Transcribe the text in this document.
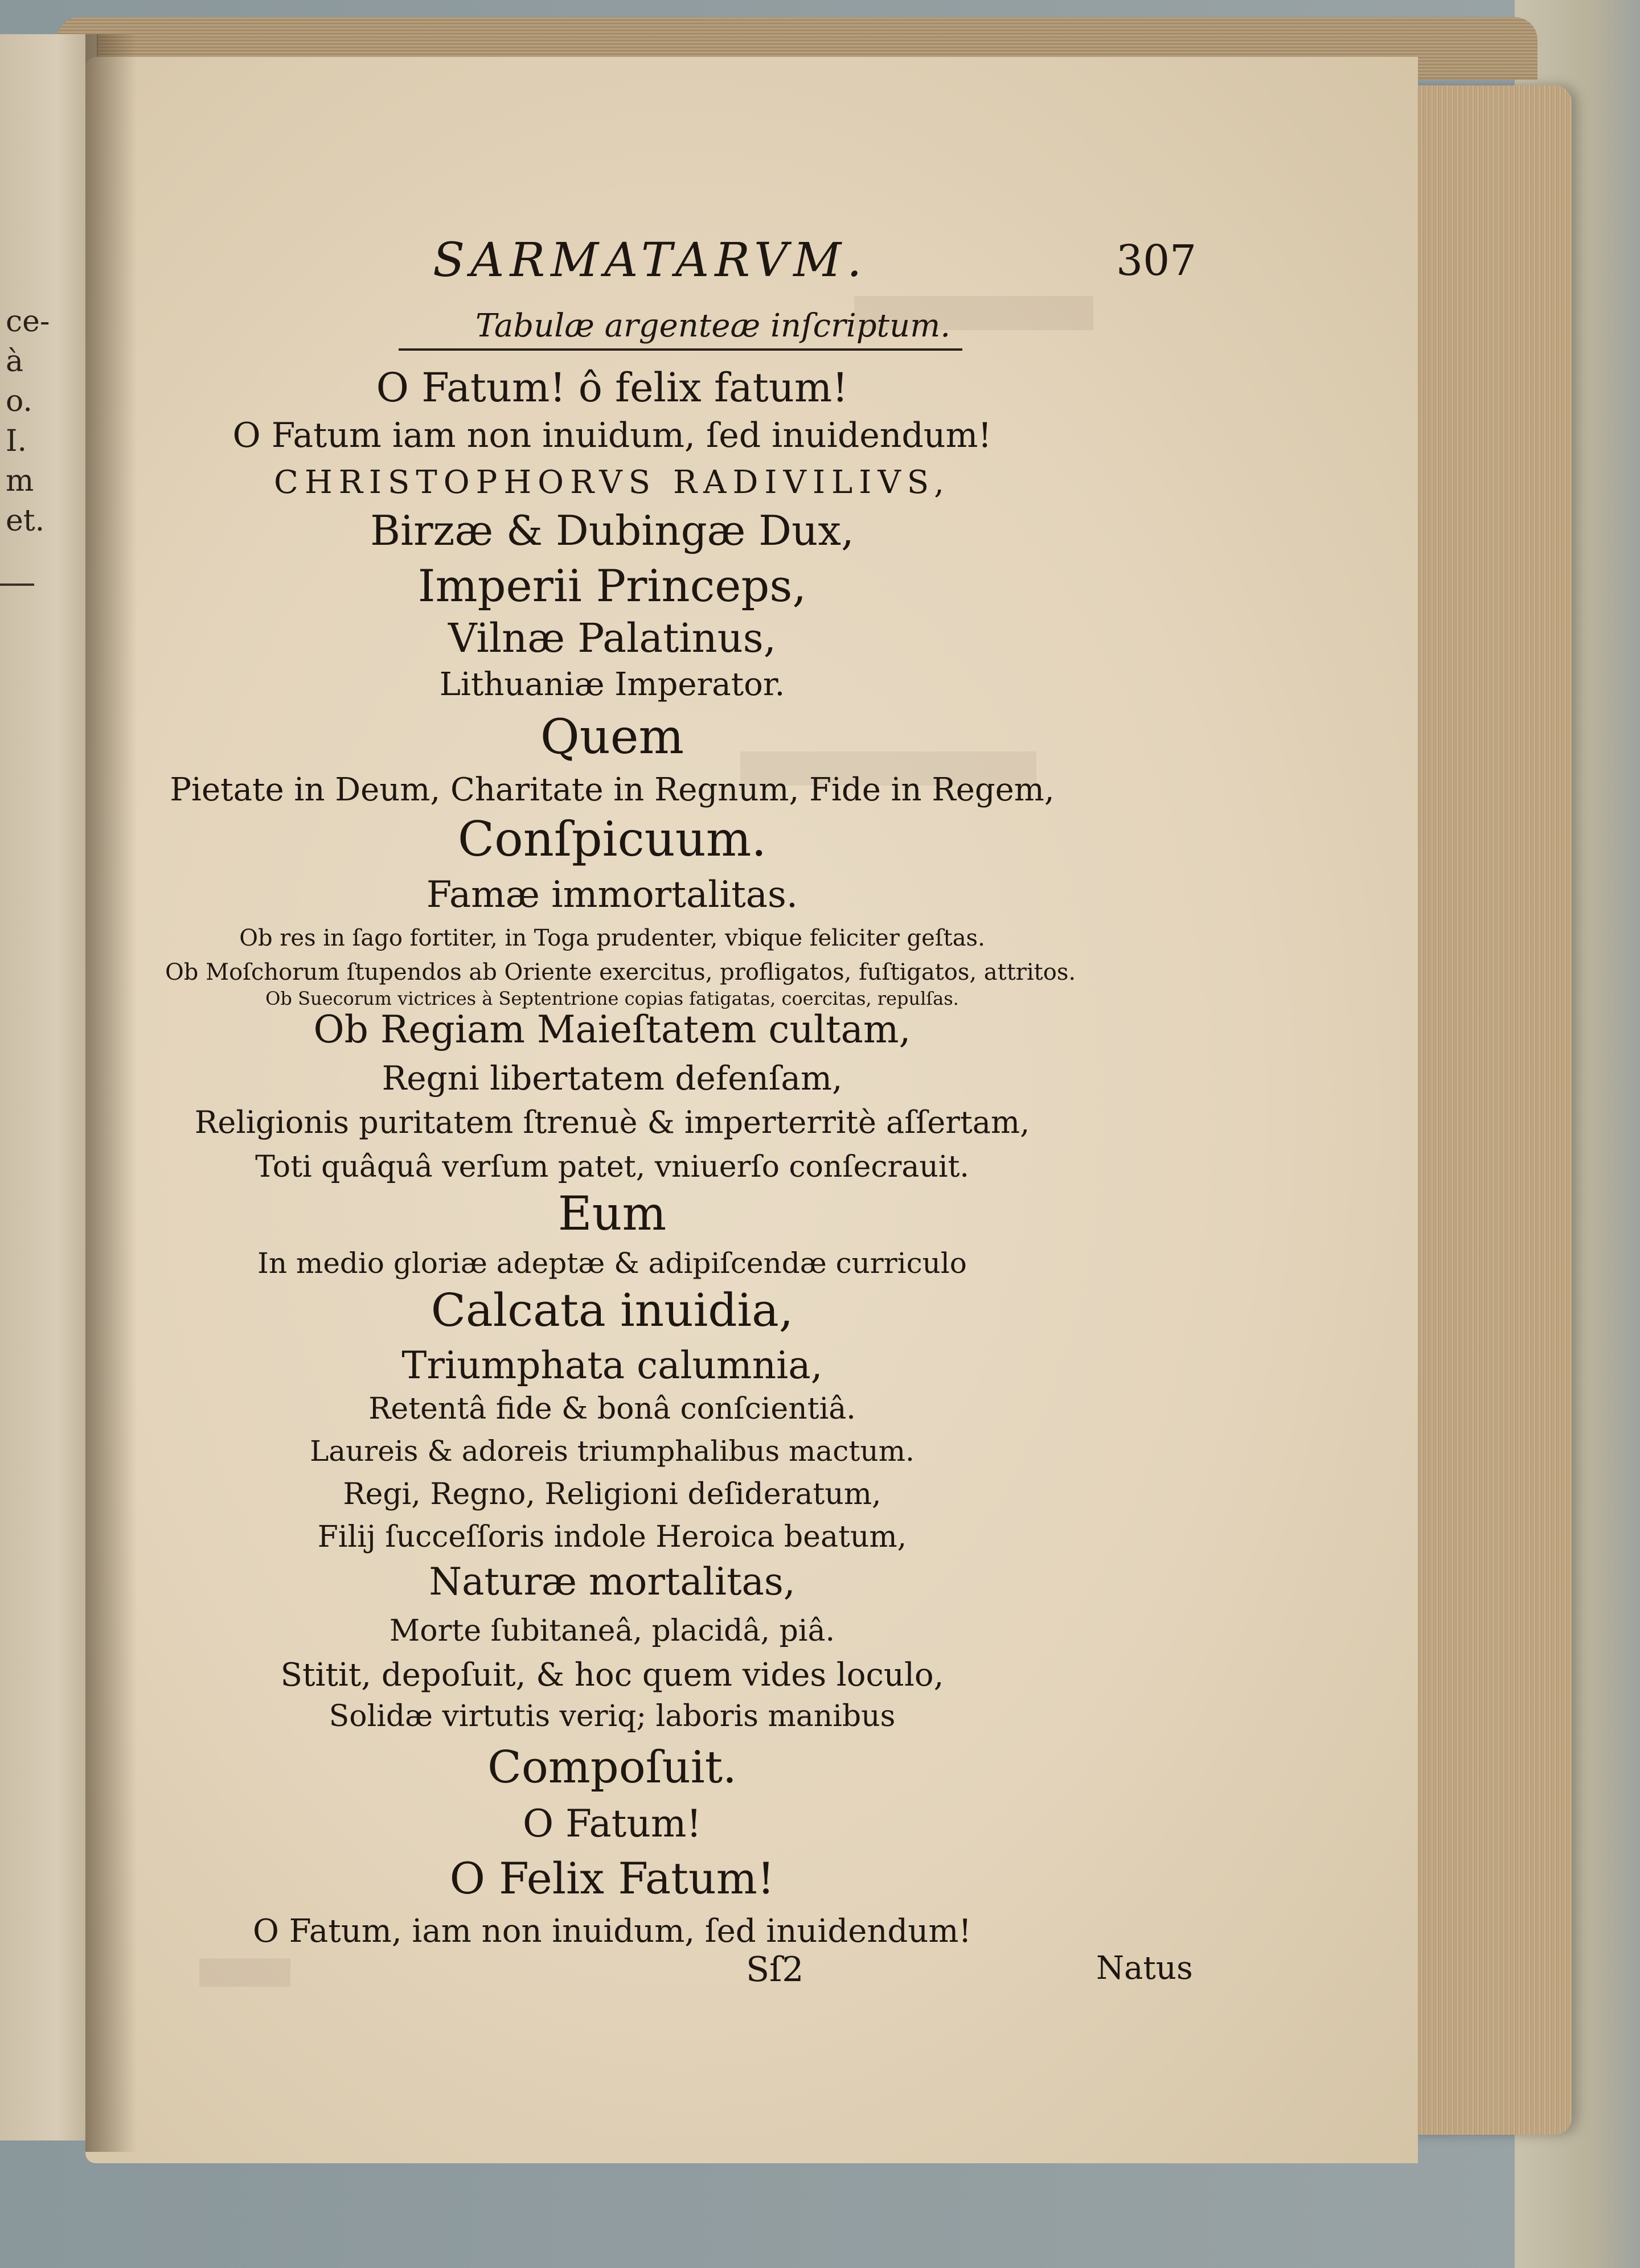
ce-
à
o.
I.
m
et.
SARMATARVM.
Tabulæ argenteæ inſcriptum.
307
O Fatum! ô felix fatum!
O Fatum iam non inuidum, ſed inuidendum!
CHRISTOPHORVS RADIVILIVS,
Birzæ & Dubingæ Dux,
Imperii Princeps,
Vilnæ Palatinus,
Lithuaniæ Imperator.
Quem
Pietate in Deum, Charitate in Regnum, Fide in Regem,
Conſpicuum.
Famæ immortalitas.
Ob res in ſago fortiter, in Toga prudenter, vbique feliciter geſtas.
Ob Moſchorum ſtupendos ab Oriente exercitus, profligatos, fuſtigatos, attritos.
Ob Suecorum victrices à Septentrione copias fatigatas, coercitas, repulſas.
Ob Regiam Maieſtatem cultam,
Regni libertatem defenſam,
Religionis puritatem ſtrenuè & imperterritè aſſertam,
Toti quâquâ verſum patet, vniuerſo conſecrauit.
Eum
In medio gloriæ adeptæ & adipiſcendæ curriculo
Calcata inuidia,
Triumphata calumnia,
Retentâ fide & bonâ conſcientiâ.
Laureis & adoreis triumphalibus mactum.
Regi, Regno, Religioni deſideratum,
Filij ſucceſſoris indole Heroica beatum,
Naturæ mortalitas,
Morte ſubitaneâ, placidâ, piâ.
Stitit, depoſuit, & hoc quem vides loculo,
Solidæ virtutis veriq; laboris manibus
Compoſuit.
O Fatum!
O Felix Fatum!
O Fatum, iam non inuidum, ſed inuidendum!
Sſ2	Natus
